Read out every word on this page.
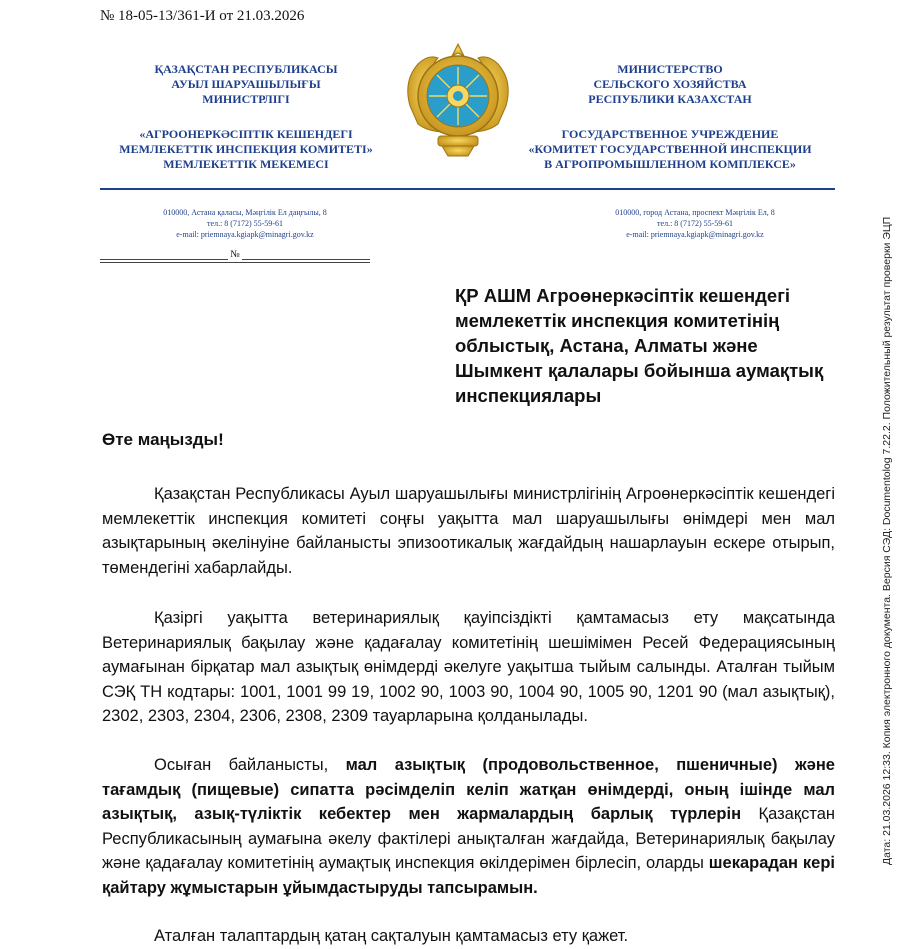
№ 18-05-13/361-И от 21.03.2026
ҚАЗАҚСТАН РЕСПУБЛИКАСЫ
АУЫЛ ШАРУАШЫЛЫҒЫ
МИНИСТРЛІГІ
«АГРООНЕРКӘСІПТІК КЕШЕНДЕГІ
МЕМЛЕКЕТТІК ИНСПЕКЦИЯ КОМИТЕТІ»
МЕМЛЕКЕТТІК МЕКЕМЕСІ
МИНИСТЕРСТВО
СЕЛЬСКОГО ХОЗЯЙСТВА
РЕСПУБЛИКИ КАЗАХСТАН
ГОСУДАРСТВЕННОЕ УЧРЕЖДЕНИЕ
«КОМИТЕТ ГОСУДАРСТВЕННОЙ ИНСПЕКЦИИ
В АГРОПРОМЫШЛЕННОМ КОМПЛЕКСЕ»
010000, Астана қаласы, Мәңгілік Ел даңғылы, 8
тел.: 8 (7172) 55-59-61
e-mail: priemnaya.kgiapk@minagri.gov.kz
010000, город Астана, проспект Мәңгілік Ел, 8
тел.: 8 (7172) 55-59-61
e-mail: priemnaya.kgiapk@minagri.gov.kz
№
ҚР АШМ Агроөнеркәсіптік кешендегі мемлекеттік инспекция комитетінің облыстық, Астана, Алматы және Шымкент қалалары бойынша аумақтық инспекциялары
Өте маңызды!
Қазақстан Республикасы Ауыл шаруашылығы министрлігінің Агроөнеркәсіптік кешендегі мемлекеттік инспекция комитеті соңғы уақытта мал шаруашылығы өнімдері мен мал азықтарының әкелінуіне байланысты эпизоотикалық жағдайдың нашарлауын ескере отырып, төмендегіні хабарлайды.
Қазіргі уақытта ветеринариялық қауіпсіздікті қамтамасыз ету мақсатында Ветеринариялық бақылау және қадағалау комитетінің шешімімен Ресей Федерациясының аумағынан бірқатар мал азықтық өнімдерді әкелуге уақытша тыйым салынды. Аталған тыйым СЭҚ ТН кодтары: 1001, 1001 99 19, 1002 90, 1003 90, 1004 90, 1005 90, 1201 90 (мал азықтық), 2302, 2303, 2304, 2306, 2308, 2309 тауарларына қолданылады.
Осыған байланысты, мал азықтық (продовольственное, пшеничные) және тағамдық (пищевые) сипатта рәсімделіп келіп жатқан өнімдерді, оның ішінде мал азықтық, азық-түліктік кебектер мен жармалардың барлық түрлерін Қазақстан Республикасының аумағына әкелу фактілері анықталған жағдайда, Ветеринариялық бақылау және қадағалау комитетінің аумақтық инспекция өкілдерімен бірлесіп, оларды шекарадан кері қайтару жұмыстарын ұйымдастыруды тапсырамын.
Аталған талаптардың қатаң сақталуын қамтамасыз ету қажет.
Дата: 21.03.2026 12:33. Копия электронного документа. Версия СЭД: Documentolog 7.22.2. Положительный результат проверки ЭЦП
